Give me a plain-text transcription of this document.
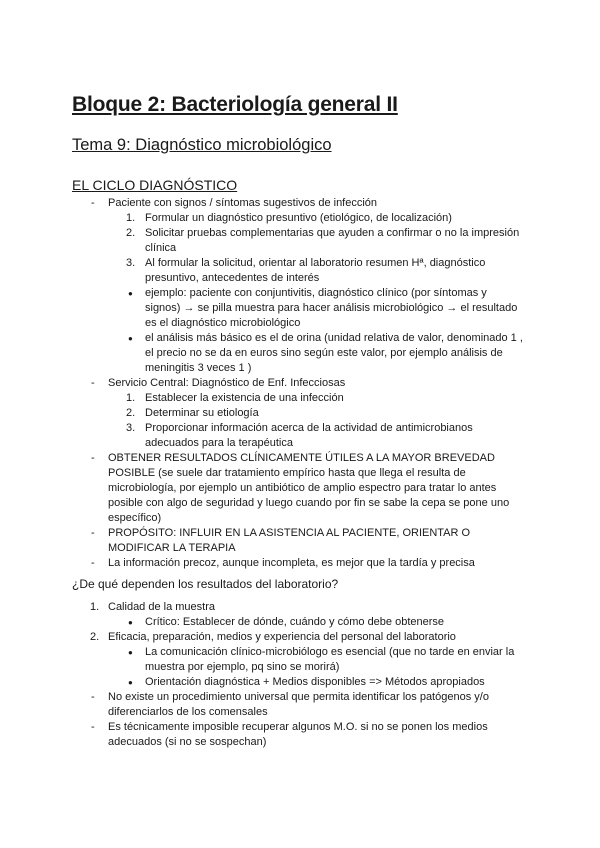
Bloque 2: Bacteriología general II
Tema 9: Diagnóstico microbiológico
EL CICLO DIAGNÓSTICO
- Paciente con signos / síntomas sugestivos de infección
1. Formular un diagnóstico presuntivo (etiológico, de localización)
2. Solicitar pruebas complementarias que ayuden a confirmar o no la impresión
clínica
3. Al formular la solicitud, orientar al laboratorio resumen Hª, diagnóstico
presuntivo, antecedentes de interés
● ejemplo: paciente con conjuntivitis, diagnóstico clínico (por síntomas y
signos) → se pilla muestra para hacer análisis microbiológico → el resultado
es el diagnóstico microbiológico
● el análisis más básico es el de orina (unidad relativa de valor, denominado 1 ,
el precio no se da en euros sino según este valor, por ejemplo análisis de
meningitis 3 veces 1 )
- Servicio Central: Diagnóstico de Enf. Infecciosas
1. Establecer la existencia de una infección
2. Determinar su etiología
3. Proporcionar información acerca de la actividad de antimicrobianos
adecuados para la terapéutica
- OBTENER RESULTADOS CLÍNICAMENTE ÚTILES A LA MAYOR BREVEDAD
POSIBLE (se suele dar tratamiento empírico hasta que llega el resulta de
microbiología, por ejemplo un antibiótico de amplio espectro para tratar lo antes
posible con algo de seguridad y luego cuando por fin se sabe la cepa se pone uno
específico)
- PROPÓSITO: INFLUIR EN LA ASISTENCIA AL PACIENTE, ORIENTAR O
MODIFICAR LA TERAPIA
- La información precoz, aunque incompleta, es mejor que la tardía y precisa
¿De qué dependen los resultados del laboratorio?
1. Calidad de la muestra
● Crítico: Establecer de dónde, cuándo y cómo debe obtenerse
2. Eficacia, preparación, medios y experiencia del personal del laboratorio
● La comunicación clínico-microbiólogo es esencial (que no tarde en enviar la
muestra por ejemplo, pq sino se morirá)
● Orientación diagnóstica + Medios disponibles => Métodos apropiados
- No existe un procedimiento universal que permita identificar los patógenos y/o
diferenciarlos de los comensales
- Es técnicamente imposible recuperar algunos M.O. si no se ponen los medios
adecuados (si no se sospechan)
